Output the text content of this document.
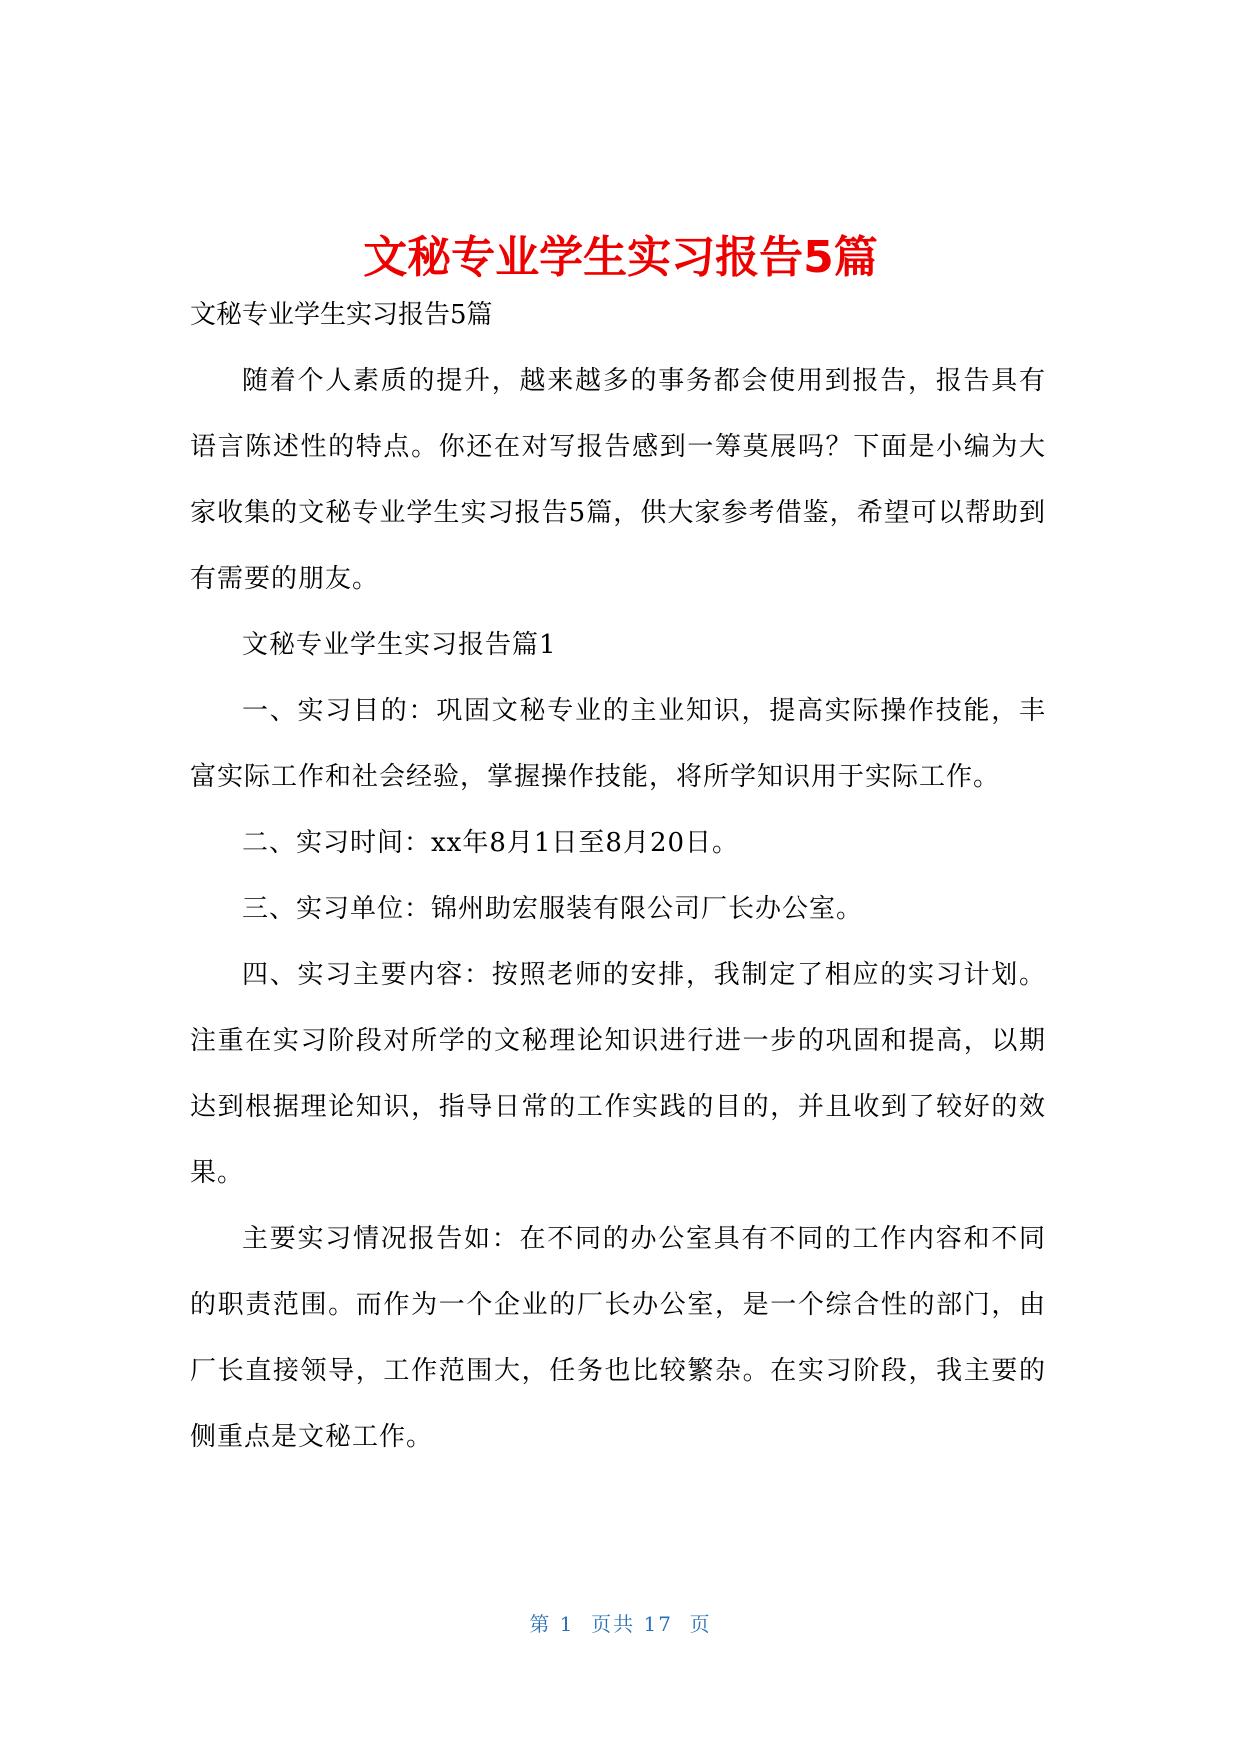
文秘专业学生实习报告5篇

文秘专业学生实习报告5篇

随着个人素质的提升，越来越多的事务都会使用到报告，报告具有语言陈述性的特点。你还在对写报告感到一筹莫展吗？下面是小编为大家收集的文秘专业学生实习报告5篇，供大家参考借鉴，希望可以帮助到有需要的朋友。

文秘专业学生实习报告篇1

一、实习目的：巩固文秘专业的主业知识，提高实际操作技能，丰富实际工作和社会经验，掌握操作技能，将所学知识用于实际工作。

二、实习时间：xx年8月1日至8月20日。

三、实习单位：锦州助宏服装有限公司厂长办公室。

四、实习主要内容：按照老师的安排，我制定了相应的实习计划。注重在实习阶段对所学的文秘理论知识进行进一步的巩固和提高，以期达到根据理论知识，指导日常的工作实践的目的，并且收到了较好的效果。

主要实习情况报告如：在不同的办公室具有不同的工作内容和不同的职责范围。而作为一个企业的厂长办公室，是一个综合性的部门，由厂长直接领导，工作范围大，任务也比较繁杂。在实习阶段，我主要的侧重点是文秘工作。

第 1  页共 17  页
